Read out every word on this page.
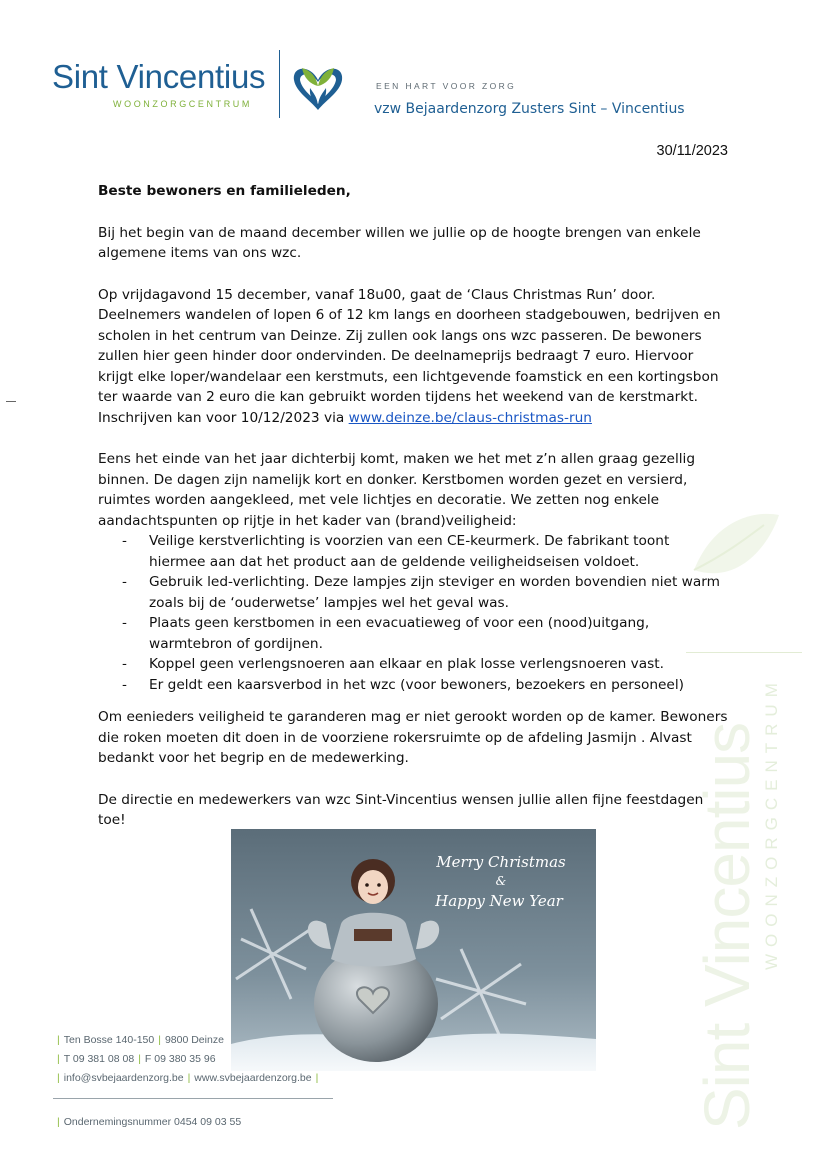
Sint Vincentius WOONZORGCENTRUM
Sint Vincentius
WOONZORGCENTRUM
EEN HART VOOR ZORG
vzw Bejaardenzorg Zusters Sint – Vincentius
30/11/2023

Beste bewoners en familieleden,

Bij het begin van de maand december willen we jullie op de hoogte brengen van enkele algemene items van ons wzc.

Op vrijdagavond 15 december, vanaf 18u00, gaat de ‘Claus Christmas Run’ door. Deelnemers wandelen of lopen 6 of 12 km langs en doorheen stadgebouwen, bedrijven en scholen in het centrum van Deinze. Zij zullen ook langs ons wzc passeren. De bewoners zullen hier geen hinder door ondervinden. De deelnameprijs bedraagt 7 euro. Hiervoor krijgt elke loper/wandelaar een kerstmuts, een lichtgevende foamstick en een kortingsbon ter waarde van 2 euro die kan gebruikt worden tijdens het weekend van de kerstmarkt. Inschrijven kan voor 10/12/2023 via www.deinze.be/claus-christmas-run

Eens het einde van het jaar dichterbij komt, maken we het met z’n allen graag gezellig binnen. De dagen zijn namelijk kort en donker. Kerstbomen worden gezet en versierd, ruimtes worden aangekleed, met vele lichtjes en decoratie. We zetten nog enkele aandachtspunten op rijtje in het kader van (brand)veiligheid:

- Veilige kerstverlichting is voorzien van een CE-keurmerk. De fabrikant toont hiermee aan dat het product aan de geldende veiligheidseisen voldoet.
- Gebruik led-verlichting. Deze lampjes zijn steviger en worden bovendien niet warm zoals bij de ‘ouderwetse’ lampjes wel het geval was.
- Plaats geen kerstbomen in een evacuatieweg of voor een (nood)uitgang, warmtebron of gordijnen.
- Koppel geen verlengsnoeren aan elkaar en plak losse verlengsnoeren vast.
- Er geldt een kaarsverbod in het wzc (voor bewoners, bezoekers en personeel)

Om eenieders veiligheid te garanderen mag er niet gerookt worden op de kamer. Bewoners die roken moeten dit doen in de voorziene rokersruimte op de afdeling Jasmijn . Alvast bedankt voor het begrip en de medewerking.

De directie en medewerkers van wzc Sint-Vincentius wensen jullie allen fijne feestdagen toe!

| Ten Bosse 140-150 | 9800 Deinze
| T 09 381 08 08 | F 09 380 35 96
| info@svbejaardenzorg.be | www.svbejaardenzorg.be |
| Ondernemingsnummer 0454 09 03 55
Merry Christmas
&
Happy New Year
